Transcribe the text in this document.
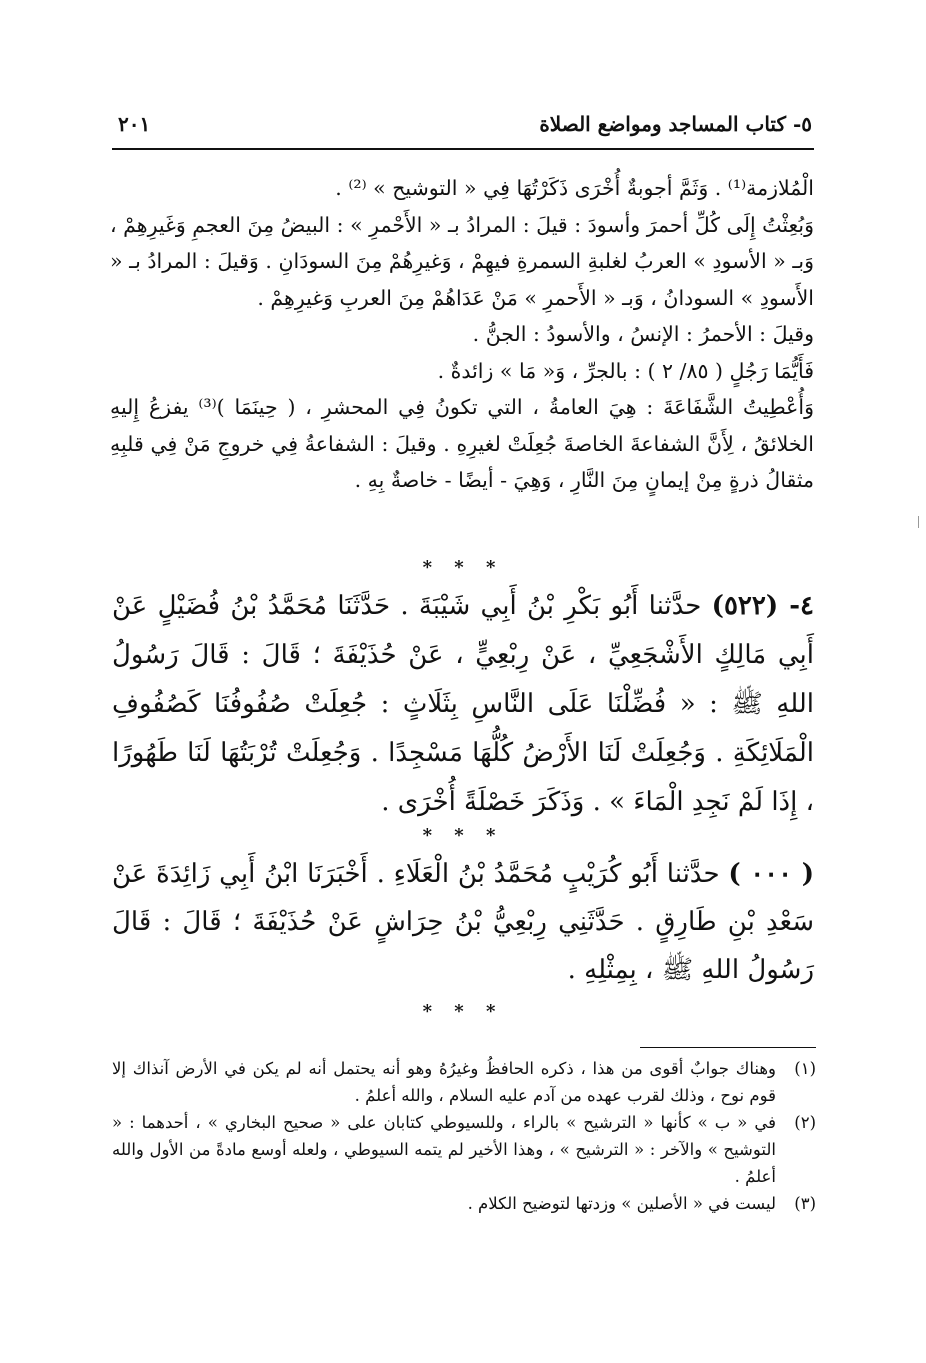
٥- كتاب المساجد ومواضع الصلاة
٢٠١

الْمُلازمة⁽¹⁾ . وَثَمَّ أجوبةٌ أُخْرَى ذَكَرْتُهَا فِي « التوشيح » ⁽²⁾ .

وَبُعِثْتُ إِلَى كُلِّ أحمرَ وأسودَ : قيلَ : المرادُ بـ « الأَحْمرِ » : البيضُ مِنَ العجمِ وَغَيرِهِمْ ، وَبـ « الأسودِ » العربُ لغلبةِ السمرةِ فيهِمْ ، وَغيرِهُمْ مِنَ السودَانِ . وَقيلَ : المرادُ بـ « الأَسودِ » السودانُ ، وَبـ « الأَحمرِ » مَنْ عَدَاهُمْ مِنَ العربِ وَغيرِهِمْ .

وقيلَ : الأحمرُ : الإنسُ ، والأسودُ : الجنُّ .

فَأَيُّمَا رَجُلٍ ( ٨٥/ ٢ ) : بالجرِّ ، وَ« مَا » زائدةٌ .

وَأُعْطِيتُ الشَّفَاعَةَ : هِيَ العامةُ ، التي تكونُ فِي المحشرِ ، ( حِينَمَا )⁽³⁾ يفزعُ إِليهِ الخلائقُ ، لِأَنَّ الشفاعةَ الخاصةَ جُعِلَتْ لغيرِهِ . وقيلَ : الشفاعةُ فِي خروجِ مَنْ فِي قلبِهِ مثقالُ ذرةٍ مِنْ إيمانٍ مِنَ النَّارِ ، وَهِيَ - أيضًا - خاصةٌ بِهِ .

* * *

٤- (٥٢٢) حدَّثنا أَبُو بَكْرِ بْنُ أَبِي شَيْبَةَ . حَدَّثَنَا مُحَمَّدُ بْنُ فُضَيْلٍ عَنْ أَبِي مَالِكٍ الأَشْجَعِيِّ ، عَنْ رِبْعِيٍّ ، عَنْ حُذَيْفَةَ ؛ قَالَ : قَالَ رَسُولُ اللهِ ﷺ : « فُضِّلْنَا عَلَى النَّاسِ بِثَلَاثٍ : جُعِلَتْ صُفُوفُنَا كَصُفُوفِ الْمَلَائِكَةِ . وَجُعِلَتْ لَنَا الأَرْضُ كُلُّهَا مَسْجِدًا . وَجُعِلَتْ تُرْبَتُهَا لَنَا طَهُورًا ، إِذَا لَمْ نَجِدِ الْمَاءَ » . وَذَكَرَ خَصْلَةً أُخْرَى .

* * *

( ٠٠٠ ) حدَّثنا أَبُو كُرَيْبٍ مُحَمَّدُ بْنُ الْعَلَاءِ . أَخْبَرَنَا ابْنُ أَبِي زَائِدَةَ عَنْ سَعْدِ بْنِ طَارِقٍ . حَدَّثَنِي رِبْعِيُّ بْنُ حِرَاشٍ عَنْ حُذَيْفَةَ ؛ قَالَ : قَالَ رَسُولُ اللهِ ﷺ ، بِمِثْلِهِ .

* * *
(١)
وهناك جوابٌ أقوى من هذا ، ذكره الحافظُ وغيرُهُ وهو أنه يحتمل أنه لم يكن في الأرض آنذاك إلا قوم نوح ، وذلك لقرب عهده من آدم عليه السلام ، والله أعلمُ .
(٢)
في « ب » كأنها « الترشيح » بالراء ، وللسيوطي كتابان على « صحيح البخاري » ، أحدهما : « التوشيح » والآخر : « الترشيح » ، وهذا الأخير لم يتمه السيوطي ، ولعله أوسع مادةً من الأول والله أعلمُ .
(٣)
ليست في « الأصلين » وزدتها لتوضيح الكلام .
